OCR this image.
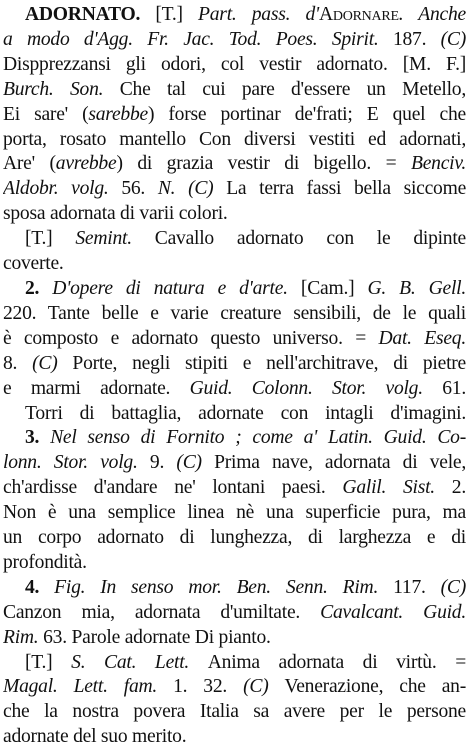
ADORNATO. [T.] Part. pass. d'Adornare. Anche
a modo d'Agg. Fr. Jac. Tod. Poes. Spirit. 187. (C)
Dispprezzansi gli odori, col vestir adornato. [M. F.]
Burch. Son. Che tal cui pare d'essere un Metello,
Ei sare' (sarebbe) forse portinar de'frati; E quel che
porta, rosato mantello Con diversi vestiti ed adornati,
Are' (avrebbe) di grazia vestir di bigello. = Benciv.
Aldobr. volg. 56. N. (C) La terra fassi bella siccome
sposa adornata di varii colori.
[T.] Semint. Cavallo adornato con le dipinte
coverte.
2. D'opere di natura e d'arte. [Cam.] G. B. Gell.
220. Tante belle e varie creature sensibili, de le quali
è composto e adornato questo universo. = Dat. Eseq.
8. (C) Porte, negli stipiti e nell'architrave, di pietre
e marmi adornate. Guid. Colonn. Stor. volg. 61.
Torri di battaglia, adornate con intagli d'imagini.
3. Nel senso di Fornito ; come a' Latin. Guid. Co-
lonn. Stor. volg. 9. (C) Prima nave, adornata di vele,
ch'ardisse d'andare ne' lontani paesi. Galil. Sist. 2.
Non è una semplice linea nè una superficie pura, ma
un corpo adornato di lunghezza, di larghezza e di
profondità.
4. Fig. In senso mor. Ben. Senn. Rim. 117. (C)
Canzon mia, adornata d'umiltate. Cavalcant. Guid.
Rim. 63. Parole adornate Di pianto.
[T.] S. Cat. Lett. Anima adornata di virtù. =
Magal. Lett. fam. 1. 32. (C) Venerazione, che an-
che la nostra povera Italia sa avere per le persone
adornate del suo merito.
